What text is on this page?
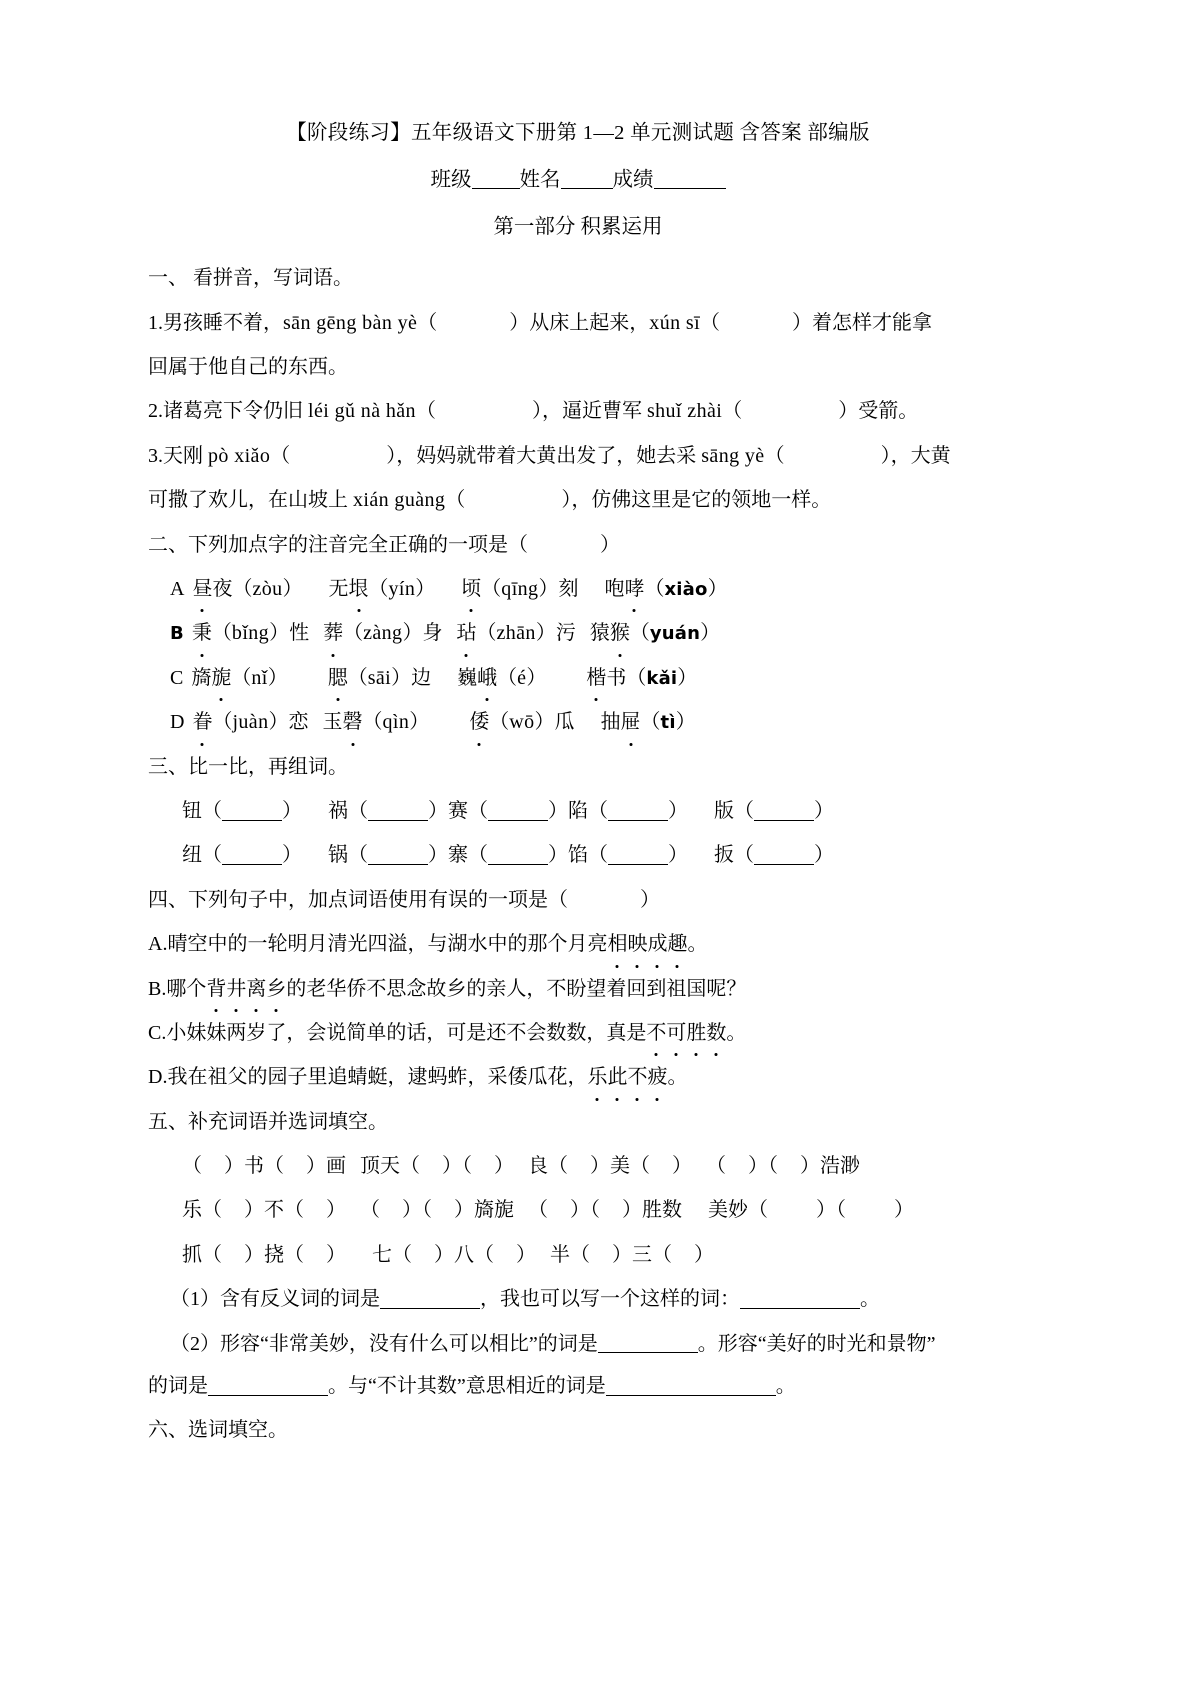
【阶段练习】五年级语文下册第 1—2 单元测试题 含答案 部编版
班级 姓名	成绩
第一部分 积累运用
一、 看拼音，写词语。
1.男孩睡不着，sān gēng bàn yè （  ）	从床上起来，xún sī （  ）	着怎样才能拿
回属于他自己的东西。
2.诸葛亮下令仍旧 léi gǔ nà hǎn （  ）	，逼近曹军 shuǐ zhài （  ）	受箭。
3.天刚 pò xiǎo （  ）	，妈妈就带着大黄出发了，她去采 sāng yè（  ）	，大黄
可撒了欢儿，在山坡上 xián guàng （  ）	，仿佛这里是它的领地一样。
二、下列加点字的注音完全正确的一项是（	）
A 昼夜（zòu） 无垠（yín） 顷（qīng）刻 咆哮（xiào）
B 秉（bǐng）性 葬（zàng）身 玷（zhān）污 猿猴（yuán）
C 旖旎（nǐ） 腮（sāi）边 巍峨（é） 楷书（kǎi）
D 眷（juàn）恋 玉磬（qìn） 倭（wō）瓜 抽屉（tì）
三、比一比，再组词。
钮（	） 祸（	）赛（	）陷（	） 版（	）
纽（	） 锅（	）寨（	）馅（	） 扳（	）
四、下列句子中，加点词语使用有误的一项是（	）
A.晴空中的一轮明月清光四溢，与湖水中的那个月亮相映成趣。
B.哪个背井离乡的老华侨不思念故乡的亲人，不盼望着回到祖国呢？
C.小妹妹两岁了，会说简单的话，可是还不会数数，真是不可胜数。
D.我在祖父的园子里追蜻蜓，逮蚂蚱，采倭瓜花，乐此不疲。
五、补充词语并选词填空。
（ ）书（ ）画 顶天（ ）（ ） 良（ ）美（ ） （ ）（ ）浩渺
乐（ ）不（ ） （ ）（ ）旖旎 （ ）（ ）胜数 美妙（ ）（ ）
抓（ ）挠（ ） 七（ ）八（ ） 半（ ）三（ ）
（1）含有反义词的词是	，我也可以写一个这样的词：	。
（2）形容“非常美妙，没有什么可以相比”的词是	。形容“美好的时光和景物”
的词是	。与“不计其数”意思相近的词是	。
六、选词填空。
